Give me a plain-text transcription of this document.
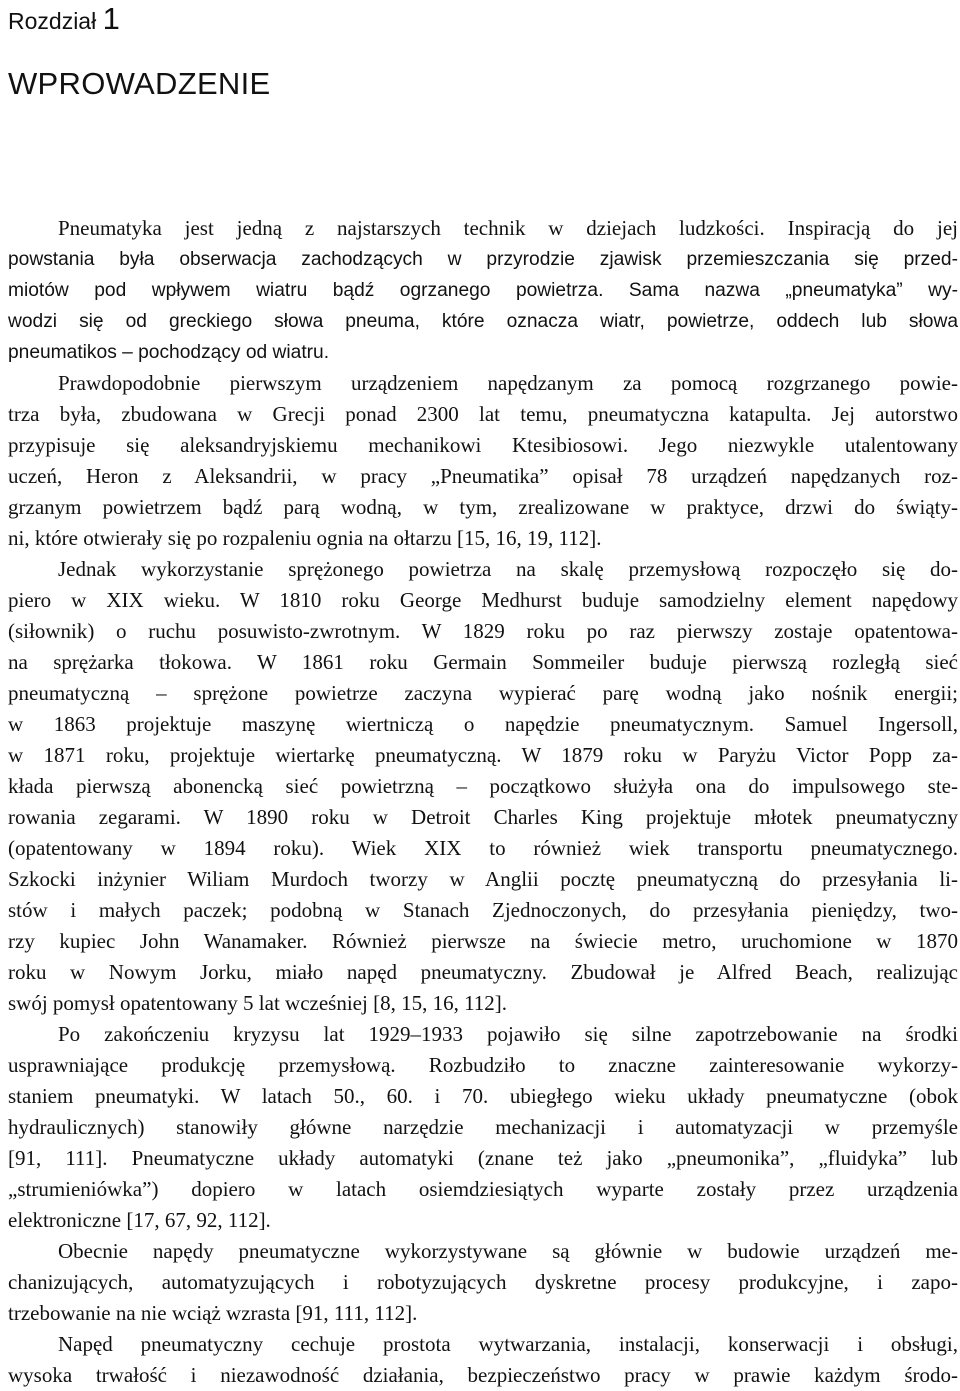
Rozdział 1
WPROWADZENIE
Pneumatyka jest jedną z najstarszych technik w dziejach ludzkości. Inspiracją do jej
powstania była obserwacja zachodzących w przyrodzie zjawisk przemieszczania się przed-
miotów pod wpływem wiatru bądź ogrzanego powietrza. Sama nazwa „pneumatyka” wy-
wodzi się od greckiego słowa pneuma, które oznacza wiatr, powietrze, oddech lub słowa
pneumatikos – pochodzący od wiatru.
Prawdopodobnie pierwszym urządzeniem napędzanym za pomocą rozgrzanego powie-
trza była, zbudowana w Grecji ponad 2300 lat temu, pneumatyczna katapulta. Jej autorstwo
przypisuje się aleksandryjskiemu mechanikowi Ktesibiosowi. Jego niezwykle utalentowany
uczeń, Heron z Aleksandrii, w pracy „Pneumatika” opisał 78 urządzeń napędzanych roz-
grzanym powietrzem bądź parą wodną, w tym, zrealizowane w praktyce, drzwi do świąty-
ni, które otwierały się po rozpaleniu ognia na ołtarzu [15, 16, 19, 112].
Jednak wykorzystanie sprężonego powietrza na skalę przemysłową rozpoczęło się do-
piero w XIX wieku. W 1810 roku George Medhurst buduje samodzielny element napędowy
(siłownik) o ruchu posuwisto-zwrotnym. W 1829 roku po raz pierwszy zostaje opatentowa-
na sprężarka tłokowa. W 1861 roku Germain Sommeiler buduje pierwszą rozległą sieć
pneumatyczną – sprężone powietrze zaczyna wypierać parę wodną jako nośnik energii;
w 1863 projektuje maszynę wiertniczą o napędzie pneumatycznym. Samuel Ingersoll,
w 1871 roku, projektuje wiertarkę pneumatyczną. W 1879 roku w Paryżu Victor Popp za-
kłada pierwszą abonencką sieć powietrzną – początkowo służyła ona do impulsowego ste-
rowania zegarami. W 1890 roku w Detroit Charles King projektuje młotek pneumatyczny
(opatentowany w 1894 roku). Wiek XIX to również wiek transportu pneumatycznego.
Szkocki inżynier Wiliam Murdoch tworzy w Anglii pocztę pneumatyczną do przesyłania li-
stów i małych paczek; podobną w Stanach Zjednoczonych, do przesyłania pieniędzy, two-
rzy kupiec John Wanamaker. Również pierwsze na świecie metro, uruchomione w 1870
roku w Nowym Jorku, miało napęd pneumatyczny. Zbudował je Alfred Beach, realizując
swój pomysł opatentowany 5 lat wcześniej [8, 15, 16, 112].
Po zakończeniu kryzysu lat 1929–1933 pojawiło się silne zapotrzebowanie na środki
usprawniające produkcję przemysłową. Rozbudziło to znaczne zainteresowanie wykorzy-
staniem pneumatyki. W latach 50., 60. i 70. ubiegłego wieku układy pneumatyczne (obok
hydraulicznych) stanowiły główne narzędzie mechanizacji i automatyzacji w przemyśle
[91, 111]. Pneumatyczne układy automatyki (znane też jako „pneumonika”, „fluidyka” lub
„strumieniówka”) dopiero w latach osiemdziesiątych wyparte zostały przez urządzenia
elektroniczne [17, 67, 92, 112].
Obecnie napędy pneumatyczne wykorzystywane są głównie w budowie urządzeń me-
chanizujących, automatyzujących i robotyzujących dyskretne procesy produkcyjne, i zapo-
trzebowanie na nie wciąż wzrasta [91, 111, 112].
Napęd pneumatyczny cechuje prostota wytwarzania, instalacji, konserwacji i obsługi,
wysoka trwałość i niezawodność działania, bezpieczeństwo pracy w prawie każdym środo-
